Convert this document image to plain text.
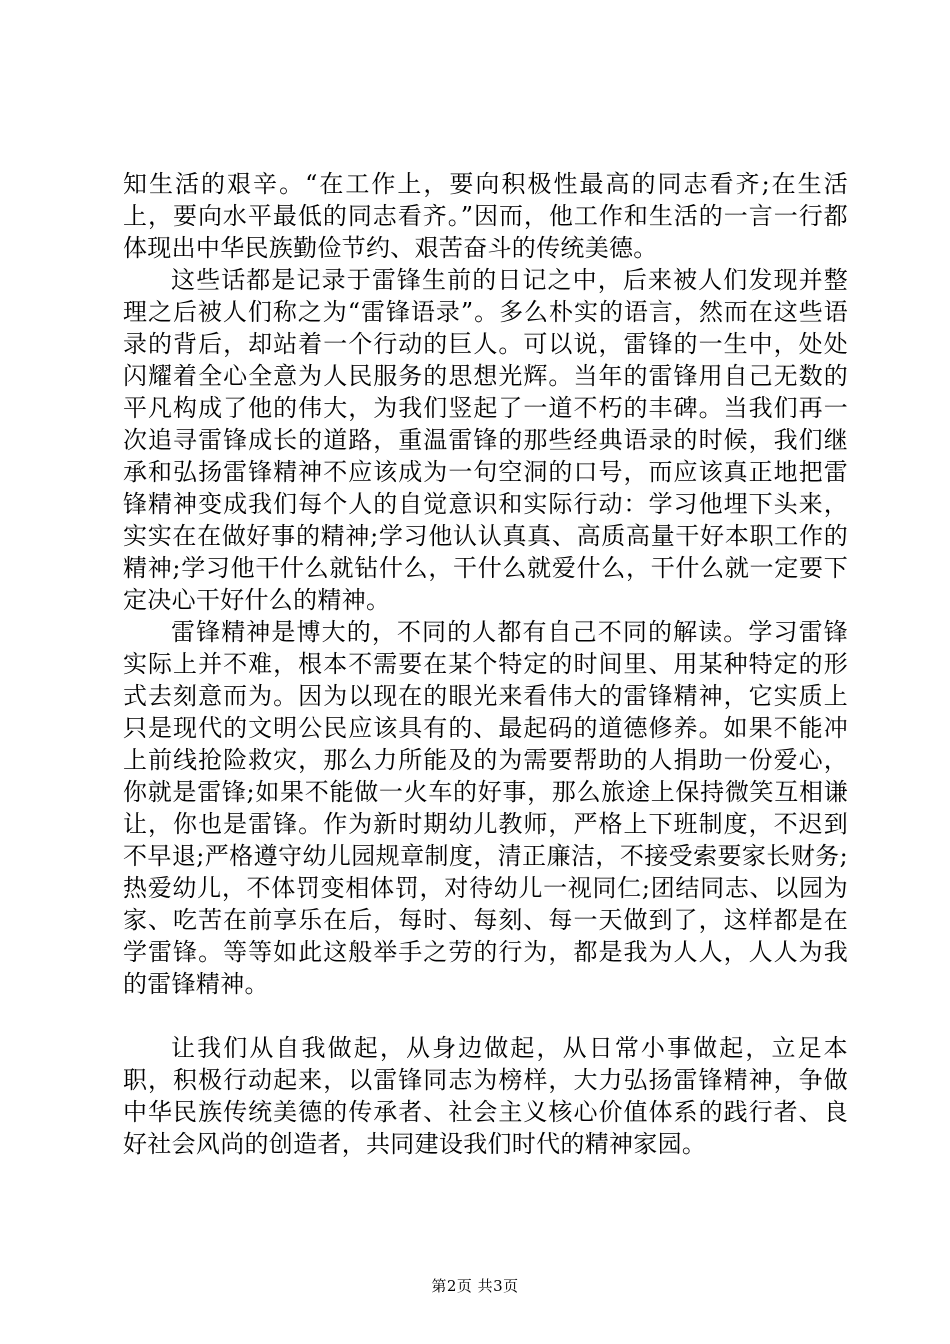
知生活的艰辛。“在工作上，要向积极性最高的同志看齐;在生活上，要向水平最低的同志看齐。”因而，他工作和生活的一言一行都体现出中华民族勤俭节约、艰苦奋斗的传统美德。

这些话都是记录于雷锋生前的日记之中，后来被人们发现并整理之后被人们称之为“雷锋语录”。多么朴实的语言，然而在这些语录的背后，却站着一个行动的巨人。可以说，雷锋的一生中，处处闪耀着全心全意为人民服务的思想光辉。当年的雷锋用自己无数的平凡构成了他的伟大，为我们竖起了一道不朽的丰碑。当我们再一次追寻雷锋成长的道路，重温雷锋的那些经典语录的时候，我们继承和弘扬雷锋精神不应该成为一句空洞的口号，而应该真正地把雷锋精神变成我们每个人的自觉意识和实际行动：学习他埋下头来，实实在在做好事的精神;学习他认认真真、高质高量干好本职工作的精神;学习他干什么就钻什么，干什么就爱什么，干什么就一定要下定决心干好什么的精神。

雷锋精神是博大的，不同的人都有自己不同的解读。学习雷锋实际上并不难，根本不需要在某个特定的时间里、用某种特定的形式去刻意而为。因为以现在的眼光来看伟大的雷锋精神，它实质上只是现代的文明公民应该具有的、最起码的道德修养。如果不能冲上前线抢险救灾，那么力所能及的为需要帮助的人捐助一份爱心，你就是雷锋;如果不能做一火车的好事，那么旅途上保持微笑互相谦让，你也是雷锋。作为新时期幼儿教师，严格上下班制度，不迟到不早退;严格遵守幼儿园规章制度，清正廉洁，不接受索要家长财务;热爱幼儿，不体罚变相体罚，对待幼儿一视同仁;团结同志、以园为家、吃苦在前享乐在后，每时、每刻、每一天做到了，这样都是在学雷锋。等等如此这般举手之劳的行为，都是我为人人，人人为我的雷锋精神。

让我们从自我做起，从身边做起，从日常小事做起，立足本职，积极行动起来，以雷锋同志为榜样，大力弘扬雷锋精神，争做中华民族传统美德的传承者、社会主义核心价值体系的践行者、良好社会风尚的创造者，共同建设我们时代的精神家园。

第2页 共3页
